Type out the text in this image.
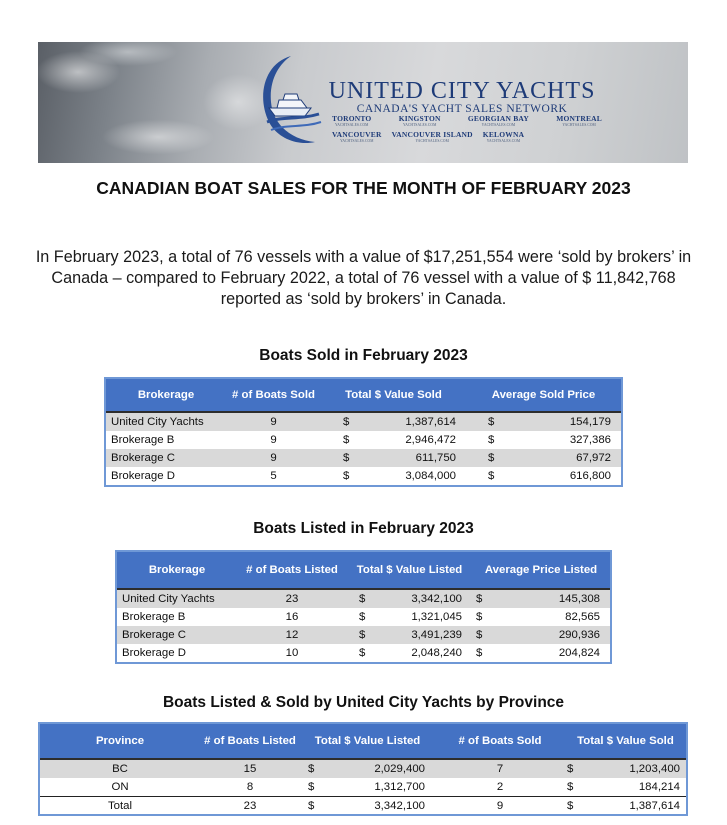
UNITED CITY YACHTS
CANADA'S YACHT SALES NETWORK
TORONTO
YACHTSALES.COM
KINGSTON
YACHTSALES.COM
GEORGIAN BAY
YACHTSALES.COM
MONTREAL
YACHTSALES.COM
VANCOUVER
YACHTSALES.COM
VANCOUVER ISLAND
YACHTSALES.COM
KELOWNA
YACHTSALES.COM
CANADIAN BOAT SALES FOR THE MONTH OF FEBRUARY 2023

In February 2023, a total of 76 vessels with a value of $17,251,554 were ‘sold by brokers’ in Canada – compared to February 2022, a total of 76 vessel with a value of $ 11,842,768 reported as ‘sold by brokers’ in Canada.

Boats Sold in February 2023
Brokerage	# of Boats Sold	Total $ Value Sold	Average Sold Price
United City Yachts	9	$	1,387,614	$	154,179
Brokerage B	9	$	2,946,472	$	327,386
Brokerage C	9	$	611,750	$	67,972
Brokerage D	5	$	3,084,000	$	616,800
Boats Listed in February 2023
Brokerage	# of Boats Listed	Total $ Value Listed	Average Price Listed
United City Yachts	23	$	3,342,100 $	145,308
Brokerage B	16	$	1,321,045 $	82,565
Brokerage C	12	$	3,491,239 $	290,936
Brokerage D	10	$	2,048,240 $	204,824
Boats Listed & Sold by United City Yachts by Province
Province	# of Boats Listed	Total $ Value Listed	# of Boats Sold	Total $ Value Sold
BC	15	$	2,029,400	7	$	1,203,400
ON	8	$	1,312,700	2	$	184,214
Total	23	$	3,342,100	9	$	1,387,614
